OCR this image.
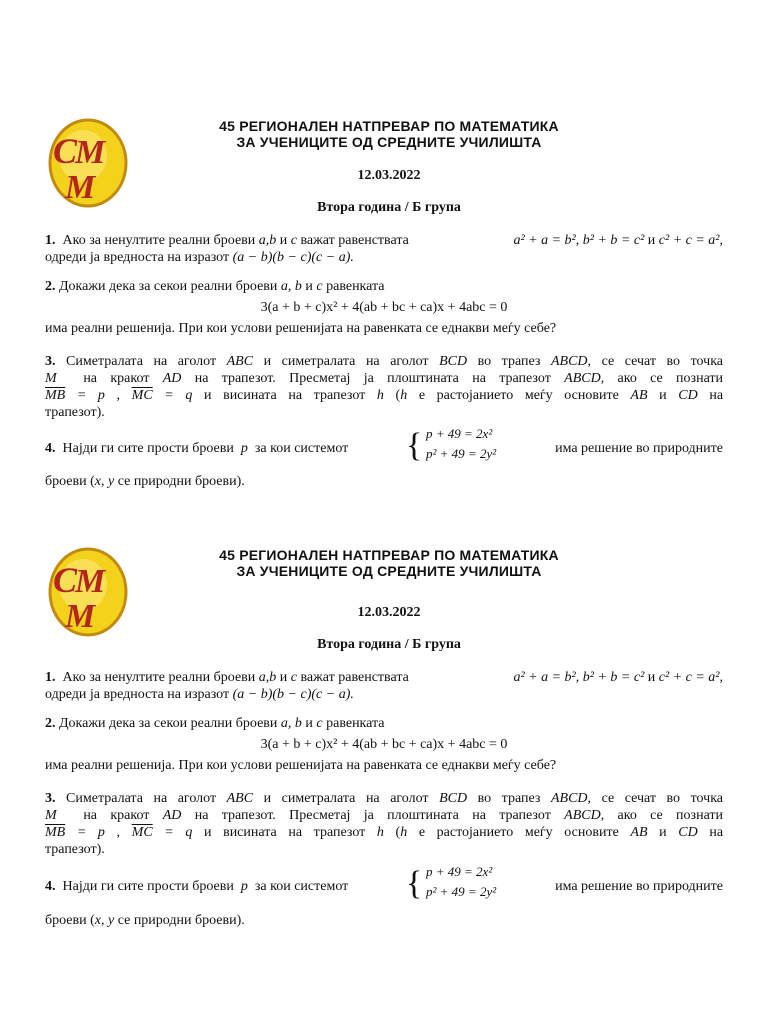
С
М
М
45 РЕГИОНАЛЕН НАТПРЕВАР ПО МАТЕМАТИКА
ЗА УЧЕНИЦИТЕ ОД СРЕДНИТЕ УЧИЛИШТА
12.03.2022
Втора година / Б група
1. Ако за ненултите реални броеви a,b и c важат равенствата	a² + a = b², b² + b = c² и c² + c = a²,
одреди ја вредноста на изразот (a − b)(b − c)(c − a).
2. Докажи дека за секои реални броеви a, b и c равенката
3(a + b + c)x² + 4(ab + bc + ca)x + 4abc = 0
има реални решенија. При кои услови решенијата на равенката се еднакви меѓу себе?

3. Симетралата на аголот ABC и симетралата на аголот BCD во трапез ABCD, се сечат во точка

M на кракот AD на трапезот. Пресметај ја плоштината на трапезот ABCD, ако се познати

$\overline{MB} = p$ , $\overline{MC} = q$ и висината на трапезот h (h е растојанието меѓу основите AB и CD на

трапезот).

4. Најди ги сите прости броеви p за кои системот	{ p + 49 = 2x²
p² + 49 = 2y²	има решение во природните
броеви (x, y се природни броеви).
С
М
М
45 РЕГИОНАЛЕН НАТПРЕВАР ПО МАТЕМАТИКА
ЗА УЧЕНИЦИТЕ ОД СРЕДНИТЕ УЧИЛИШТА
12.03.2022
Втора година / Б група
1. Ако за ненултите реални броеви a,b и c важат равенствата	a² + a = b², b² + b = c² и c² + c = a²,
одреди ја вредноста на изразот (a − b)(b − c)(c − a).
2. Докажи дека за секои реални броеви a, b и c равенката
3(a + b + c)x² + 4(ab + bc + ca)x + 4abc = 0
има реални решенија. При кои услови решенијата на равенката се еднакви меѓу себе?

3. Симетралата на аголот ABC и симетралата на аголот BCD во трапез ABCD, се сечат во точка

M на кракот AD на трапезот. Пресметај ја плоштината на трапезот ABCD, ако се познати

$\overline{MB} = p$ , $\overline{MC} = q$ и висината на трапезот h (h е растојанието меѓу основите AB и CD на

трапезот).

4. Најди ги сите прости броеви p за кои системот	{ p + 49 = 2x²
p² + 49 = 2y²	има решение во природните
броеви (x, y се природни броеви).
